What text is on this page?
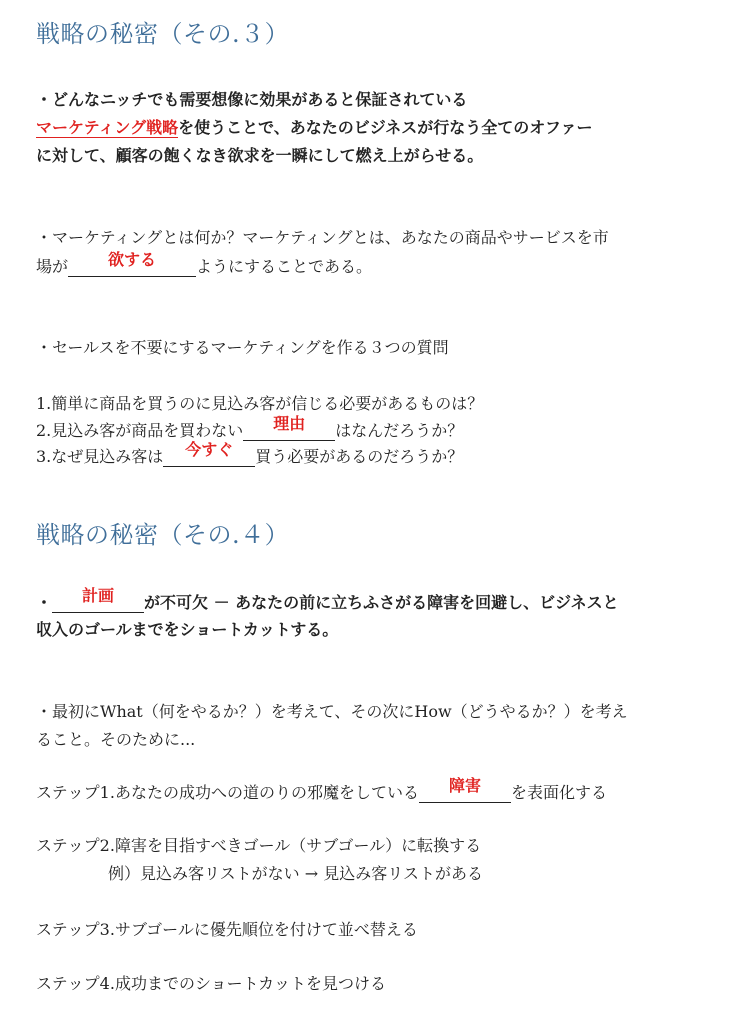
戦略の秘密（その.３）
・どんなニッチでも需要想像に効果があると保証されている
マーケティング戦略を使うことで、あなたのビジネスが行なう全てのオファー
に対して、顧客の飽くなき欲求を一瞬にして燃え上がらせる。
・マーケティングとは何か？マーケティングとは、あなたの商品やサービスを市
場が	欲する	ようにすることである。
・セールスを不要にするマーケティングを作る３つの質問
1.簡単に商品を買うのに見込み客が信じる必要があるものは？
2.見込み客が商品を買わない	理由	はなんだろうか？
3.なぜ見込み客は	今すぐ	買う必要があるのだろうか？
戦略の秘密（その.４）
・	計画	が不可欠 － あなたの前に立ちふさがる障害を回避し、ビジネスと
収入のゴールまでをショートカットする。
・最初にWhat（何をやるか？）を考えて、その次にHow（どうやるか？）を考え
ること。そのために...
ステップ1.あなたの成功への道のりの邪魔をしている	障害	を表面化する
ステップ2.障害を目指すべきゴール（サブゴール）に転換する
例）見込み客リストがない → 見込み客リストがある
ステップ3.サブゴールに優先順位を付けて並べ替える
ステップ4.成功までのショートカットを見つける
